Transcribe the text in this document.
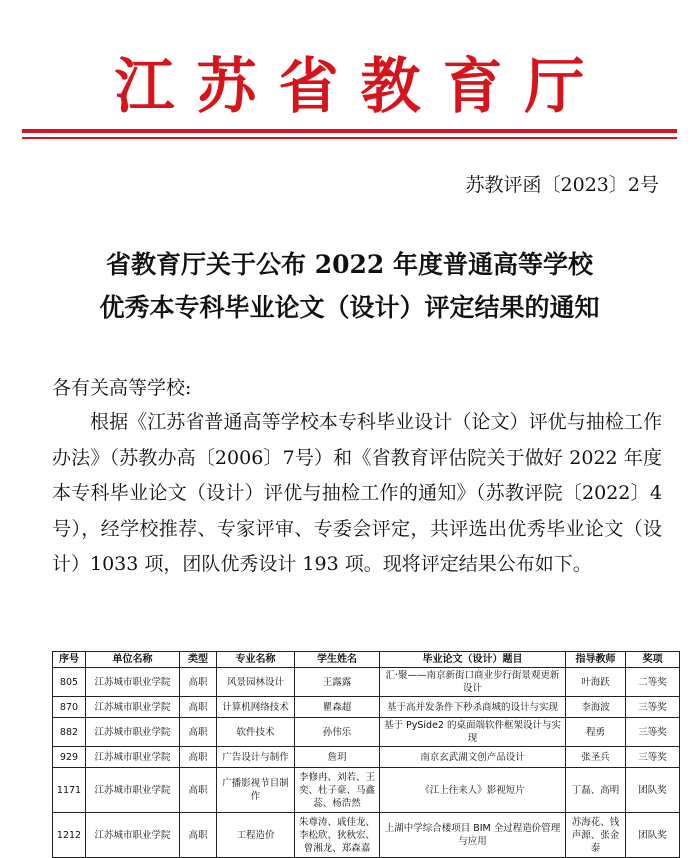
江苏省教育厅
苏教评函〔2023〕2号
省教育厅关于公布 2022 年度普通高等学校
优秀本专科毕业论文（设计）评定结果的通知
各有关高等学校:
根据《江苏省普通高等学校本专科毕业设计（论文）评优与抽检工作办法》（苏教办高〔2006〕7号）和《省教育评估院关于做好 2022 年度本专科毕业论文（设计）评优与抽检工作的通知》（苏教评院〔2022〕4号），经学校推荐、专家评审、专委会评定，共评选出优秀毕业论文（设计）1033 项，团队优秀设计 193 项。现将评定结果公布如下。
序号	单位名称	类型	专业名称	学生姓名	毕业论文（设计）题目	指导教师	奖项
805	江苏城市职业学院	高职	风景园林设计	王露露	汇·聚——南京新街口商业步行街景观更新设计	叶海跃	二等奖
870	江苏城市职业学院	高职	计算机网络技术	瞿森超	基于高并发条件下秒杀商城的设计与实现	李海波	三等奖
882	江苏城市职业学院	高职	软件技术	孙伟乐	基于 PySide2 的桌面端软件框架设计与实现	程勇	三等奖
929	江苏城市职业学院	高职	广告设计与制作	詹玥	南京玄武湖文创产品设计	张圣兵	三等奖
1171	江苏城市职业学院	高职	广播影视节目制作	李修冉、刘若、王奕、杜子豪、马鑫蕊、杨浩然	《江上往来人》影视短片	丁磊、高明	团队奖
1212	江苏城市职业学院	高职	工程造价	朱尊涛、戚佳龙、李松欣、狄秋宏、曾湘龙、郑森嘉	上湖中学综合楼项目 BIM 全过程造价管理与应用	苏海花、钱声源、张金泰	团队奖
